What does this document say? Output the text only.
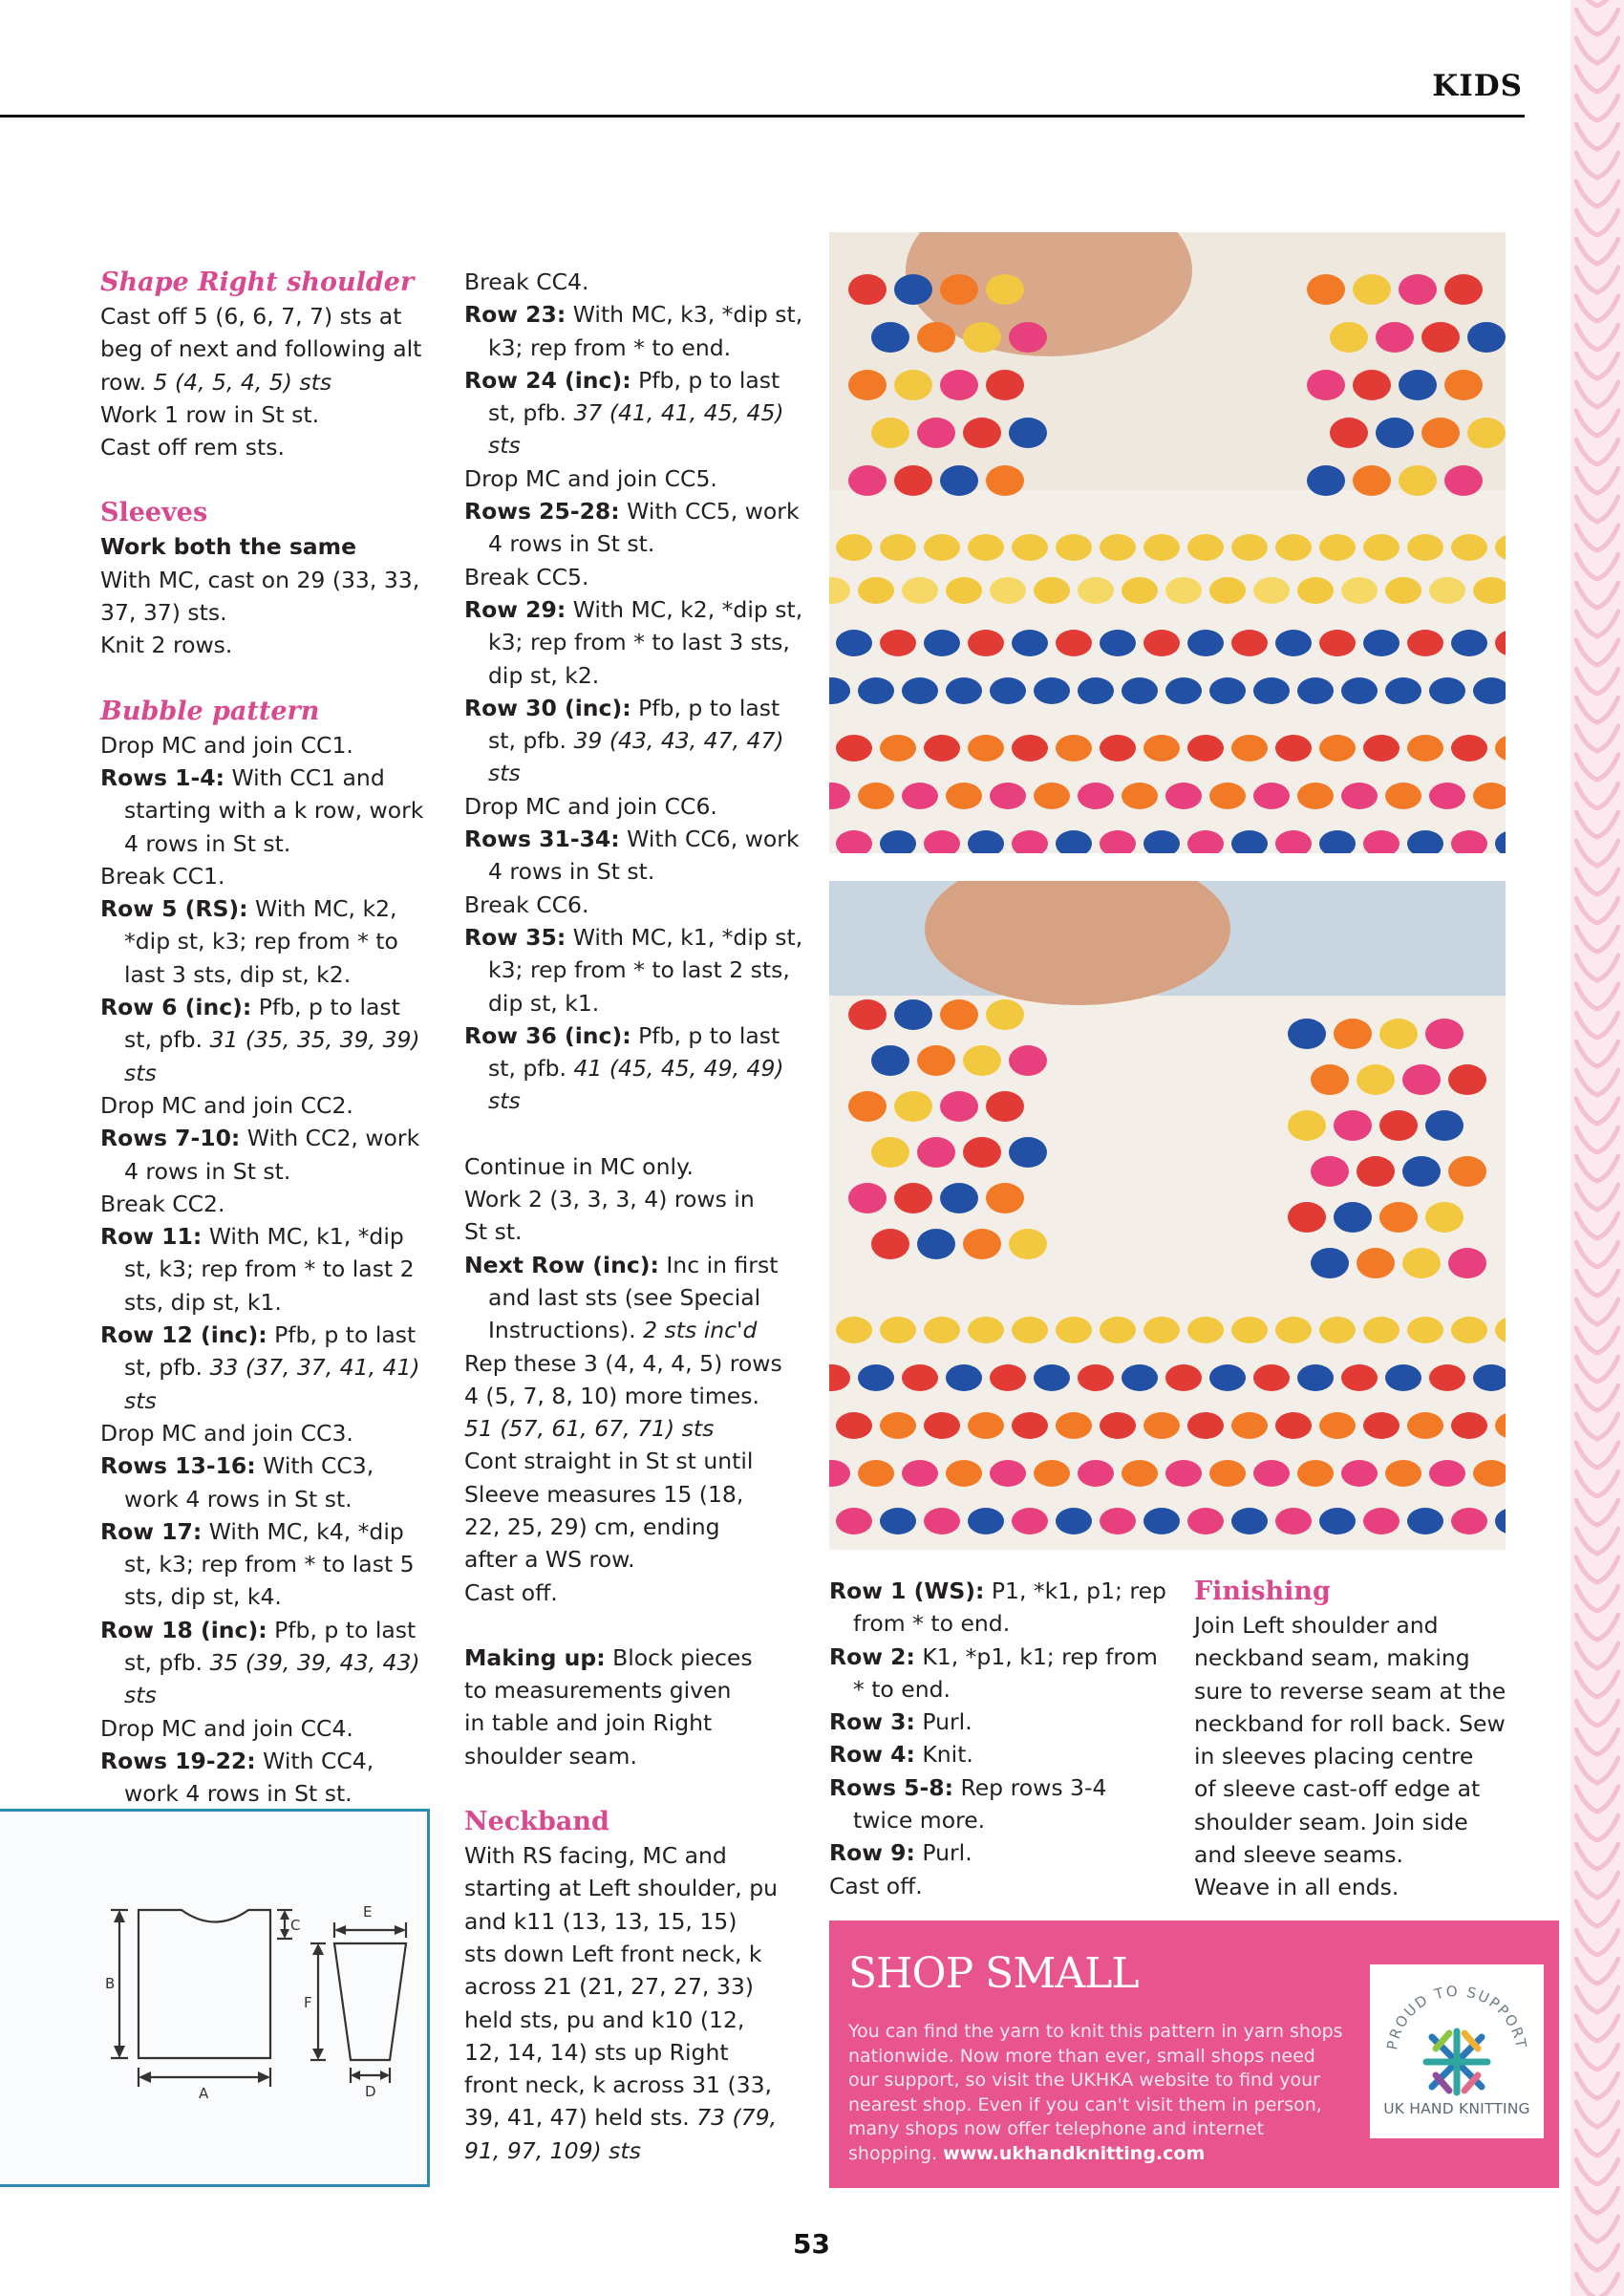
KIDS

Shape Right shoulder

Cast off 5 (6, 6, 7, 7) sts at

beg of next and following alt

row. 5 (4, 5, 4, 5) sts

Work 1 row in St st.

Cast off rem sts.

Sleeves

Work both the same

With MC, cast on 29 (33, 33,

37, 37) sts.

Knit 2 rows.

Bubble pattern

Drop MC and join CC1.

Rows 1-4: With CC1 and starting with a k row, work 4 rows in St st.

Break CC1.

Row 5 (RS): With MC, k2, *dip st, k3; rep from * to last 3 sts, dip st, k2.

Row 6 (inc): Pfb, p to last st, pfb. 31 (35, 35, 39, 39) sts

Drop MC and join CC2.

Rows 7-10: With CC2, work 4 rows in St st.

Break CC2.

Row 11: With MC, k1, *dip st, k3; rep from * to last 2 sts, dip st, k1.

Row 12 (inc): Pfb, p to last st, pfb. 33 (37, 37, 41, 41) sts

Drop MC and join CC3.

Rows 13-16: With CC3, work 4 rows in St st.

Row 17: With MC, k4, *dip st, k3; rep from * to last 5 sts, dip st, k4.

Row 18 (inc): Pfb, p to last st, pfb. 35 (39, 39, 43, 43) sts

Drop MC and join CC4.

Rows 19-22: With CC4, work 4 rows in St st.

Break CC4.

Row 23: With MC, k3, *dip st, k3; rep from * to end.

Row 24 (inc): Pfb, p to last st, pfb. 37 (41, 41, 45, 45) sts

Drop MC and join CC5.

Rows 25-28: With CC5, work 4 rows in St st.

Break CC5.

Row 29: With MC, k2, *dip st, k3; rep from * to last 3 sts, dip st, k2.

Row 30 (inc): Pfb, p to last st, pfb. 39 (43, 43, 47, 47) sts

Drop MC and join CC6.

Rows 31-34: With CC6, work 4 rows in St st.

Break CC6.

Row 35: With MC, k1, *dip st, k3; rep from * to last 2 sts, dip st, k1.

Row 36 (inc): Pfb, p to last st, pfb. 41 (45, 45, 49, 49) sts

Continue in MC only.

Work 2 (3, 3, 3, 4) rows in

St st.

Next Row (inc): Inc in first and last sts (see Special Instructions). 2 sts inc'd

Rep these 3 (4, 4, 4, 5) rows

4 (5, 7, 8, 10) more times.

51 (57, 61, 67, 71) sts

Cont straight in St st until

Sleeve measures 15 (18,

22, 25, 29) cm, ending

after a WS row.

Cast off.

Making up: Block pieces

to measurements given

in table and join Right

shoulder seam.

Neckband

With RS facing, MC and

starting at Left shoulder, pu

and k11 (13, 13, 15, 15)

sts down Left front neck, k

across 21 (21, 27, 27, 33)

held sts, pu and k10 (12,

12, 14, 14) sts up Right

front neck, k across 31 (33,

39, 41, 47) held sts. 73 (79,

91, 97, 109) sts

Row 1 (WS): P1, *k1, p1; rep from * to end.

Row 2: K1, *p1, k1; rep from * to end.

Row 3: Purl.

Row 4: Knit.

Rows 5-8: Rep rows 3-4 twice more.

Row 9: Purl.

Cast off.

Finishing

Join Left shoulder and

neckband seam, making

sure to reverse seam at the

neckband for roll back. Sew

in sleeves placing centre

of sleeve cast-off edge at

shoulder seam. Join side

and sleeve seams.

Weave in all ends.

B
A
C
E
F
D
SHOP SMALL
You can find the yarn to knit this pattern in yarn shops nationwide. Now more than ever, small shops need our support, so visit the UKHKA website to find your nearest shop. Even if you can't visit them in person, many shops now offer telephone and internet shopping. www.ukhandknitting.com
PROUD TO SUPPORT
UK HAND KNITTING
53
